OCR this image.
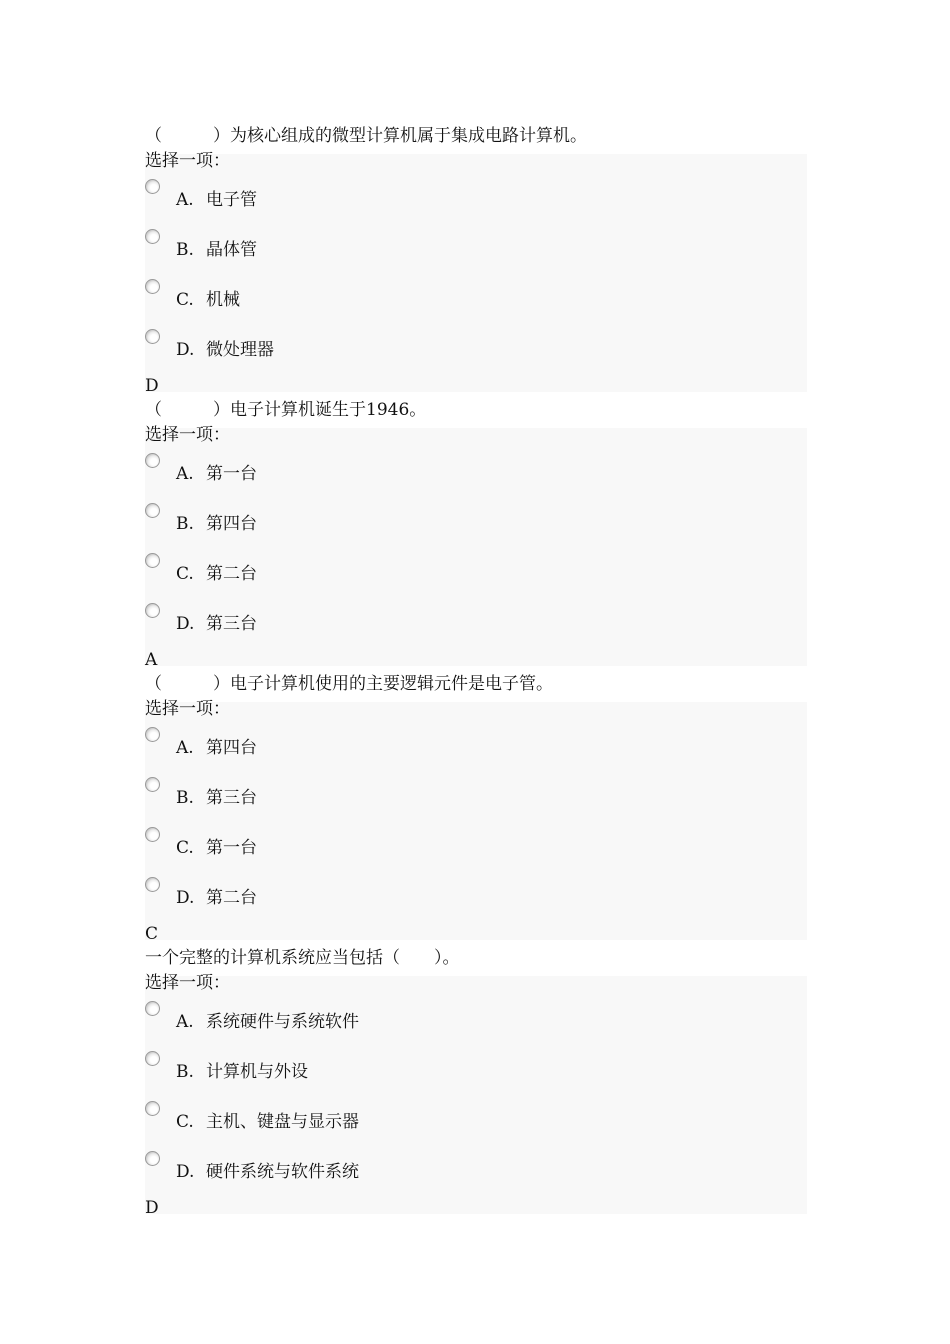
（　　　）为核心组成的微型计算机属于集成电路计算机。
选择一项：
A. 电子管
B. 晶体管
C. 机械
D. 微处理器
D
（　　　）电子计算机诞生于1946。
选择一项：
A. 第一台
B. 第四台
C. 第二台
D. 第三台
A
（　　　）电子计算机使用的主要逻辑元件是电子管。
选择一项：
A. 第四台
B. 第三台
C. 第一台
D. 第二台
C
一个完整的计算机系统应当包括（　　）。
选择一项：
A. 系统硬件与系统软件
B. 计算机与外设
C. 主机、键盘与显示器
D. 硬件系统与软件系统
D
